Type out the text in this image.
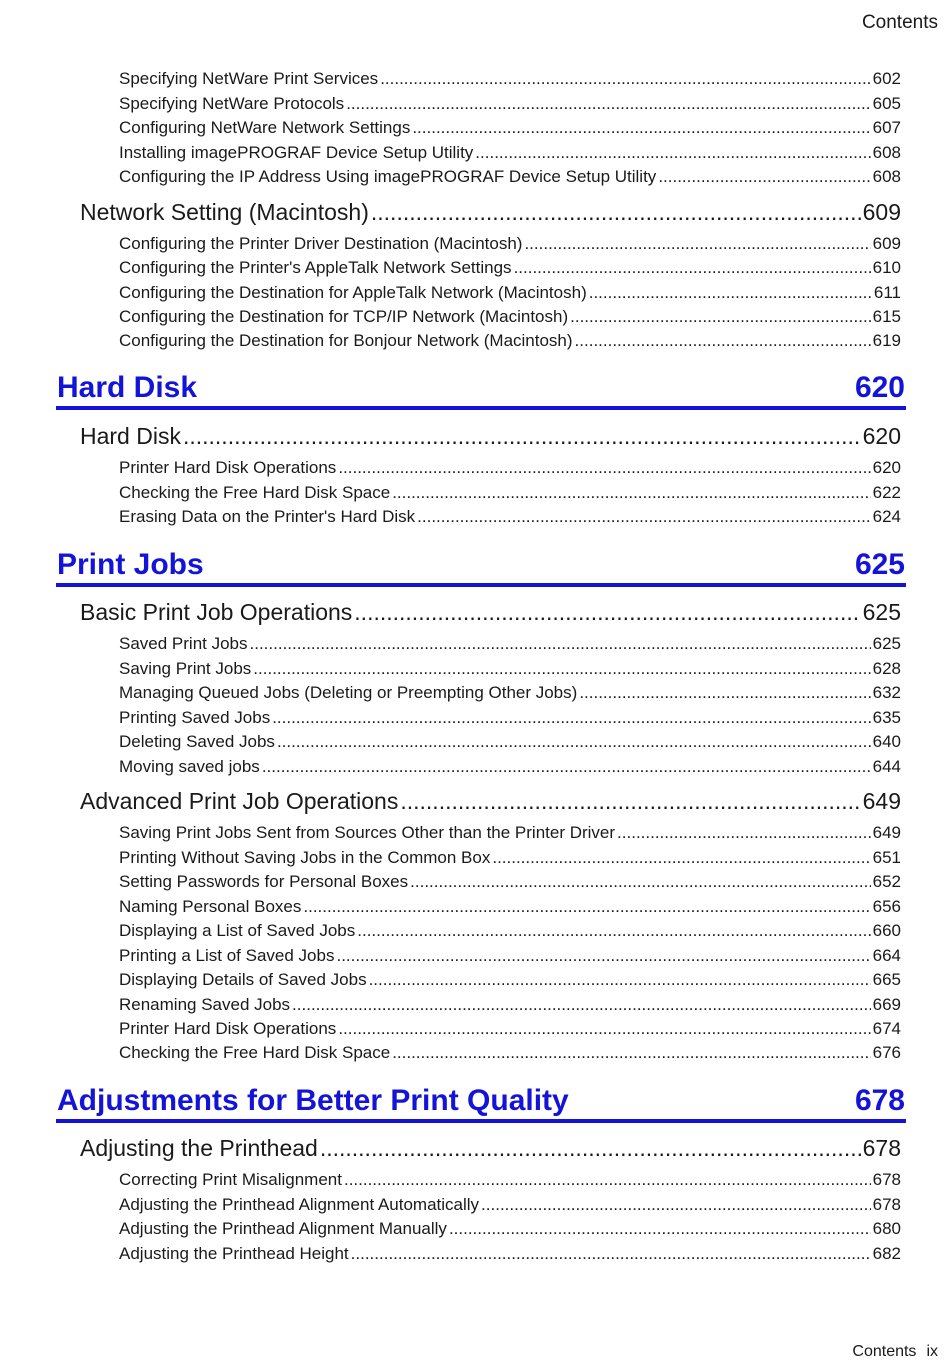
Contents
Specifying NetWare Print Services .....	602
Specifying NetWare Protocols .....	605
Configuring NetWare Network Settings .....	607
Installing imagePROGRAF Device Setup Utility .....	608
Configuring the IP Address Using imagePROGRAF Device Setup Utility .....	608
Network Setting (Macintosh) .....	609
Configuring the Printer Driver Destination (Macintosh) .....	609
Configuring the Printer's AppleTalk Network Settings .....	610
Configuring the Destination for AppleTalk Network (Macintosh) .....	611
Configuring the Destination for TCP/IP Network (Macintosh) .....	615
Configuring the Destination for Bonjour Network (Macintosh) .....	619
Hard Disk	620
Hard Disk .....	620
Printer Hard Disk Operations .....	620
Checking the Free Hard Disk Space .....	622
Erasing Data on the Printer's Hard Disk .....	624
Print Jobs	625
Basic Print Job Operations .....	625
Saved Print Jobs .....	625
Saving Print Jobs .....	628
Managing Queued Jobs (Deleting or Preempting Other Jobs) .....	632
Printing Saved Jobs .....	635
Deleting Saved Jobs .....	640
Moving saved jobs .....	644
Advanced Print Job Operations .....	649
Saving Print Jobs Sent from Sources Other than the Printer Driver .....	649
Printing Without Saving Jobs in the Common Box .....	651
Setting Passwords for Personal Boxes .....	652
Naming Personal Boxes .....	656
Displaying a List of Saved Jobs .....	660
Printing a List of Saved Jobs .....	664
Displaying Details of Saved Jobs .....	665
Renaming Saved Jobs .....	669
Printer Hard Disk Operations .....	674
Checking the Free Hard Disk Space .....	676
Adjustments for Better Print Quality	678
Adjusting the Printhead .....	678
Correcting Print Misalignment .....	678
Adjusting the Printhead Alignment Automatically .....	678
Adjusting the Printhead Alignment Manually .....	680
Adjusting the Printhead Height .....	682
Contents ix
